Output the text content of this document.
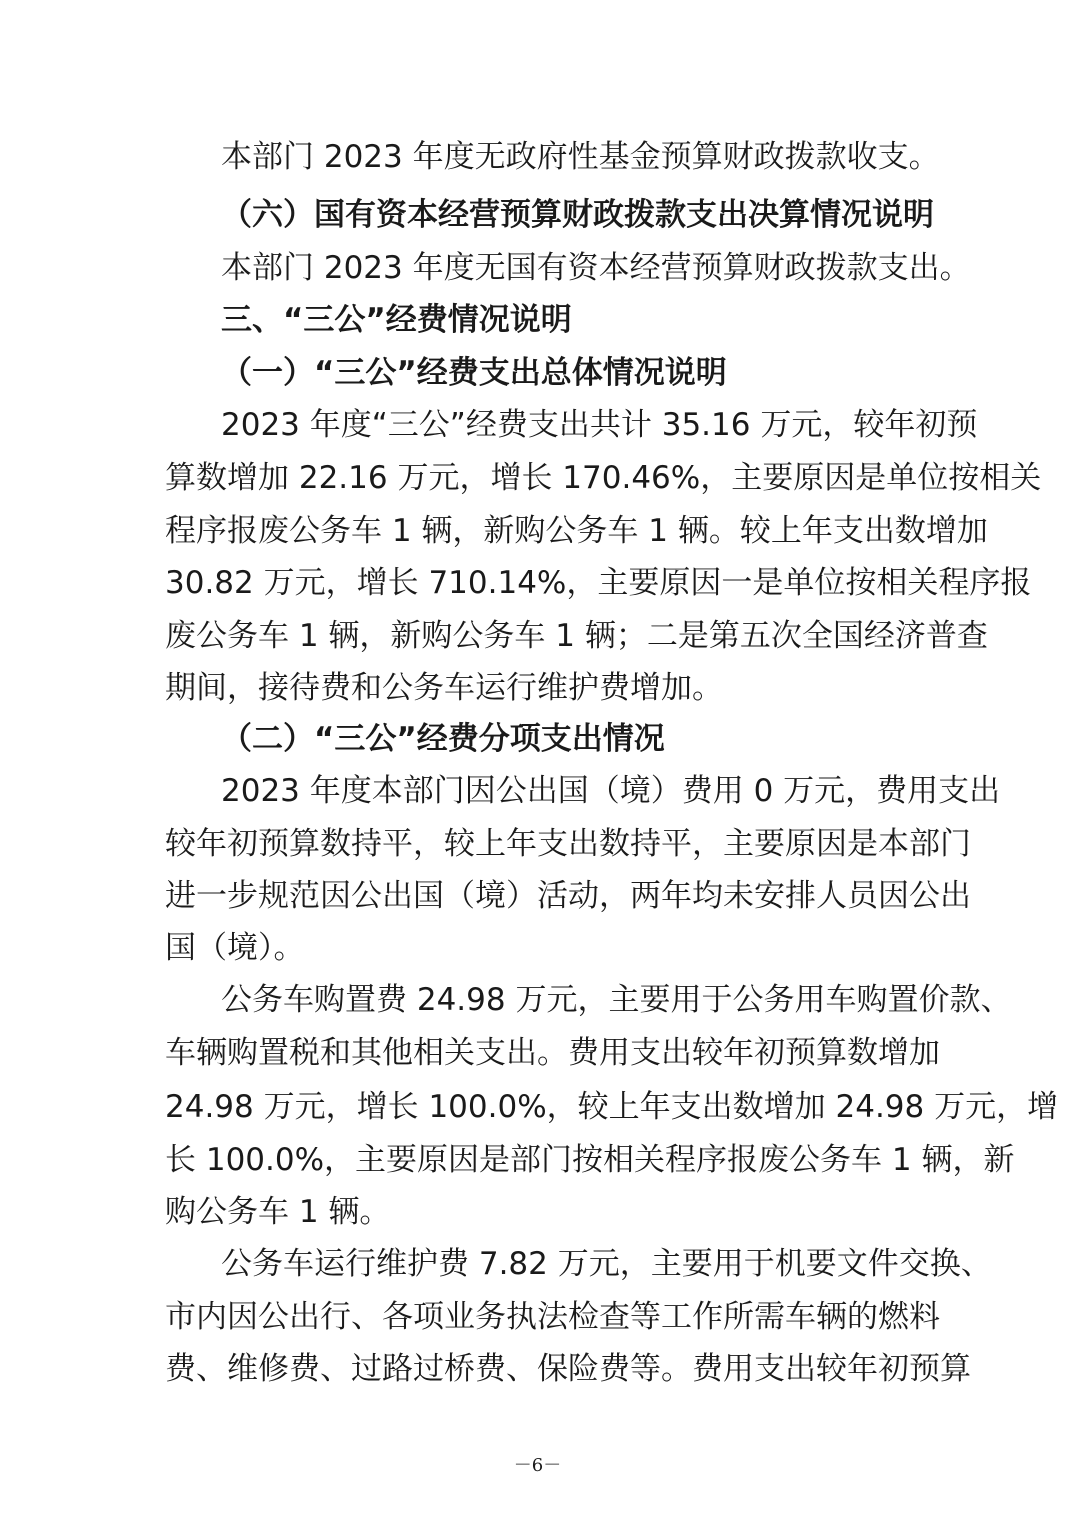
本部门 2023 年度无政府性基金预算财政拨款收支。
（六）国有资本经营预算财政拨款支出决算情况说明
本部门 2023 年度无国有资本经营预算财政拨款支出。
三、“三公”经费情况说明
（一）“三公”经费支出总体情况说明
2023 年度“三公”经费支出共计 35.16 万元，较年初预
算数增加 22.16 万元，增长 170.46%，主要原因是单位按相关
程序报废公务车 1 辆，新购公务车 1 辆。较上年支出数增加
30.82 万元，增长 710.14%，主要原因一是单位按相关程序报
废公务车 1 辆，新购公务车 1 辆；二是第五次全国经济普查
期间，接待费和公务车运行维护费增加。
（二）“三公”经费分项支出情况
2023 年度本部门因公出国（境）费用 0 万元，费用支出
较年初预算数持平，较上年支出数持平，主要原因是本部门
进一步规范因公出国（境）活动，两年均未安排人员因公出
国（境）。
公务车购置费 24.98 万元，主要用于公务用车购置价款、
车辆购置税和其他相关支出。费用支出较年初预算数增加
24.98 万元，增长 100.0%，较上年支出数增加 24.98 万元，增
长 100.0%，主要原因是部门按相关程序报废公务车 1 辆，新
购公务车 1 辆。
公务车运行维护费 7.82 万元，主要用于机要文件交换、
市内因公出行、各项业务执法检查等工作所需车辆的燃料
费、维修费、过路过桥费、保险费等。费用支出较年初预算
－6－
